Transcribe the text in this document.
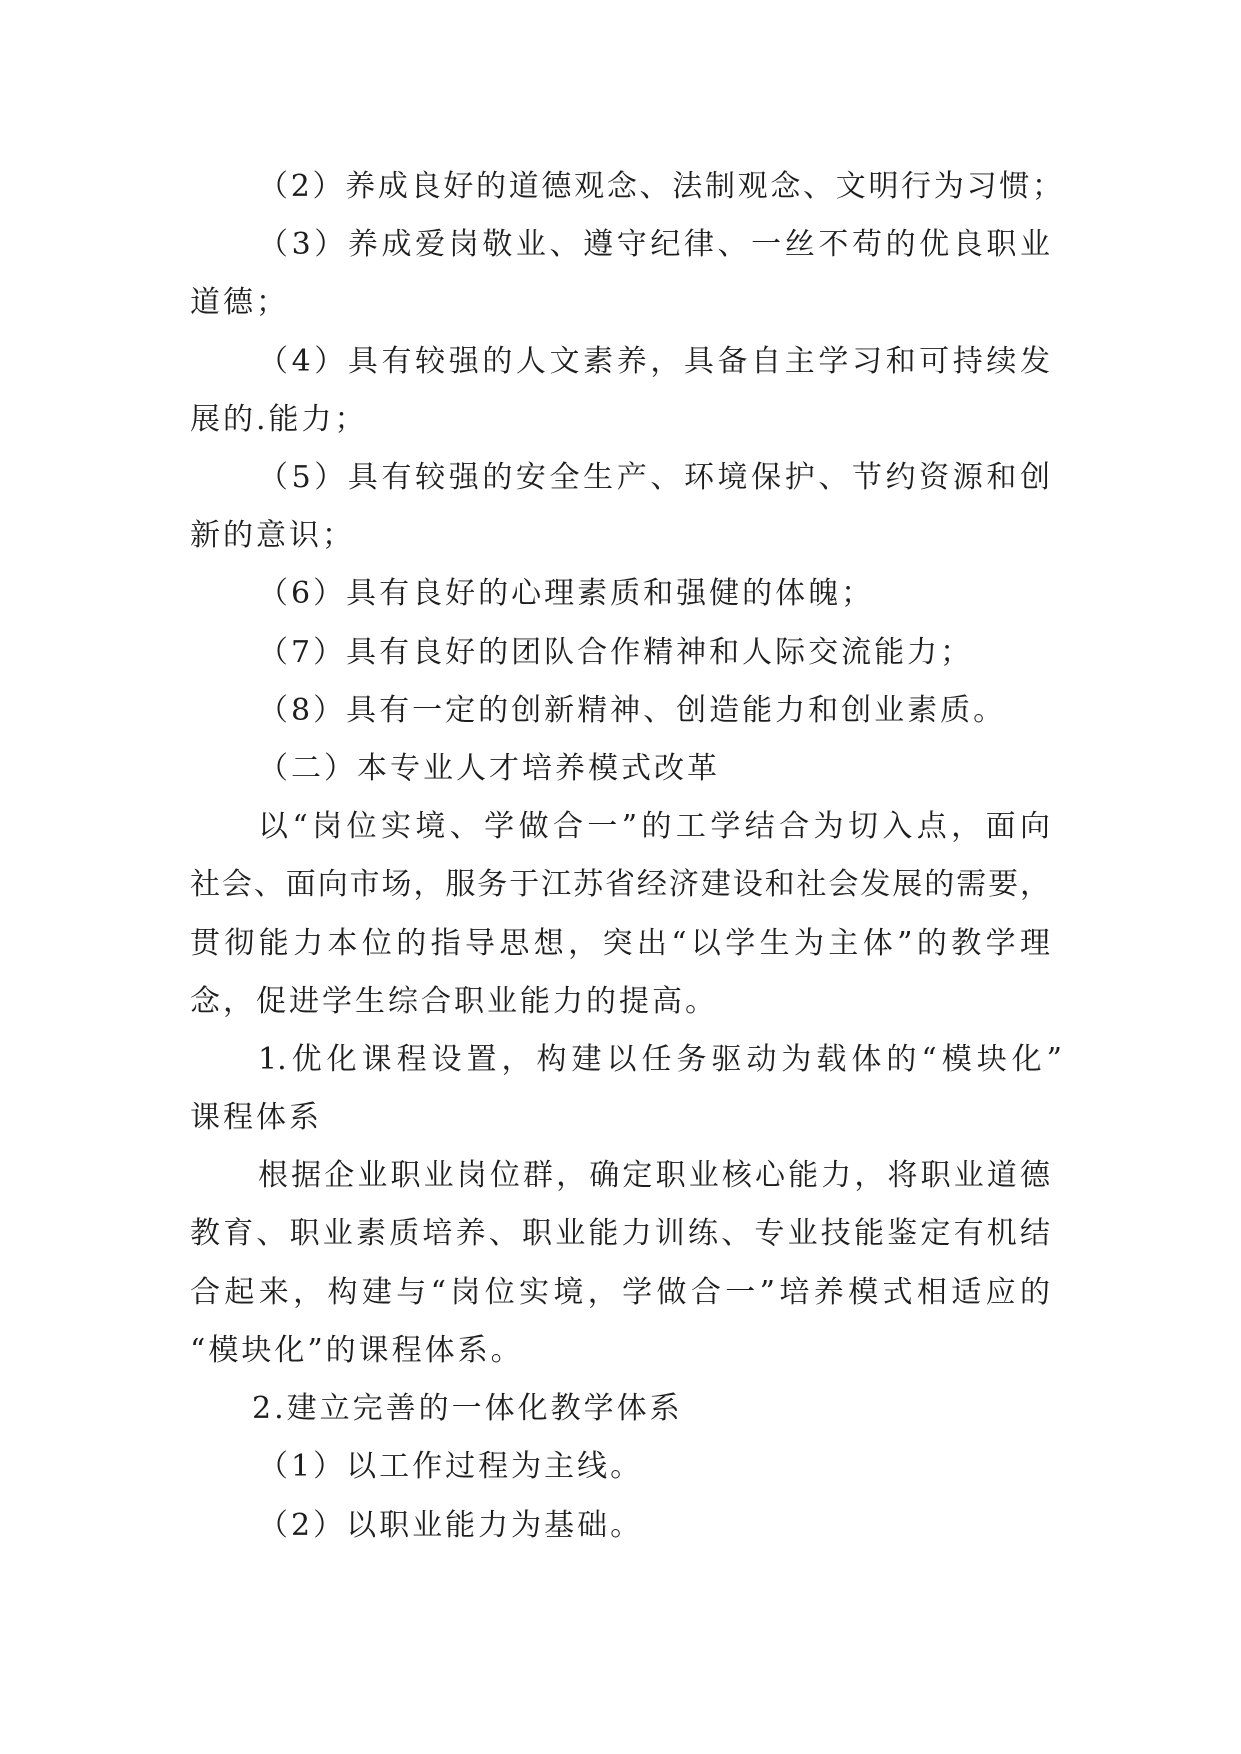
（2）养成良好的道德观念、法制观念、文明行为习惯；
（3）养成爱岗敬业、遵守纪律、一丝不苟的优良职业
道德；
（4）具有较强的人文素养，具备自主学习和可持续发
展的.能力；
（5）具有较强的安全生产、环境保护、节约资源和创
新的意识；
（6）具有良好的心理素质和强健的体魄；
（7）具有良好的团队合作精神和人际交流能力；
（8）具有一定的创新精神、创造能力和创业素质。
（二）本专业人才培养模式改革
以“岗位实境、学做合一”的工学结合为切入点，面向
社会、面向市场，服务于江苏省经济建设和社会发展的需要，
贯彻能力本位的指导思想，突出“以学生为主体”的教学理
念，促进学生综合职业能力的提高。
1.优化课程设置，构建以任务驱动为载体的“模块化”
课程体系
根据企业职业岗位群，确定职业核心能力，将职业道德
教育、职业素质培养、职业能力训练、专业技能鉴定有机结
合起来，构建与“岗位实境，学做合一”培养模式相适应的
“模块化”的课程体系。
2.建立完善的一体化教学体系
（1）以工作过程为主线。
（2）以职业能力为基础。
